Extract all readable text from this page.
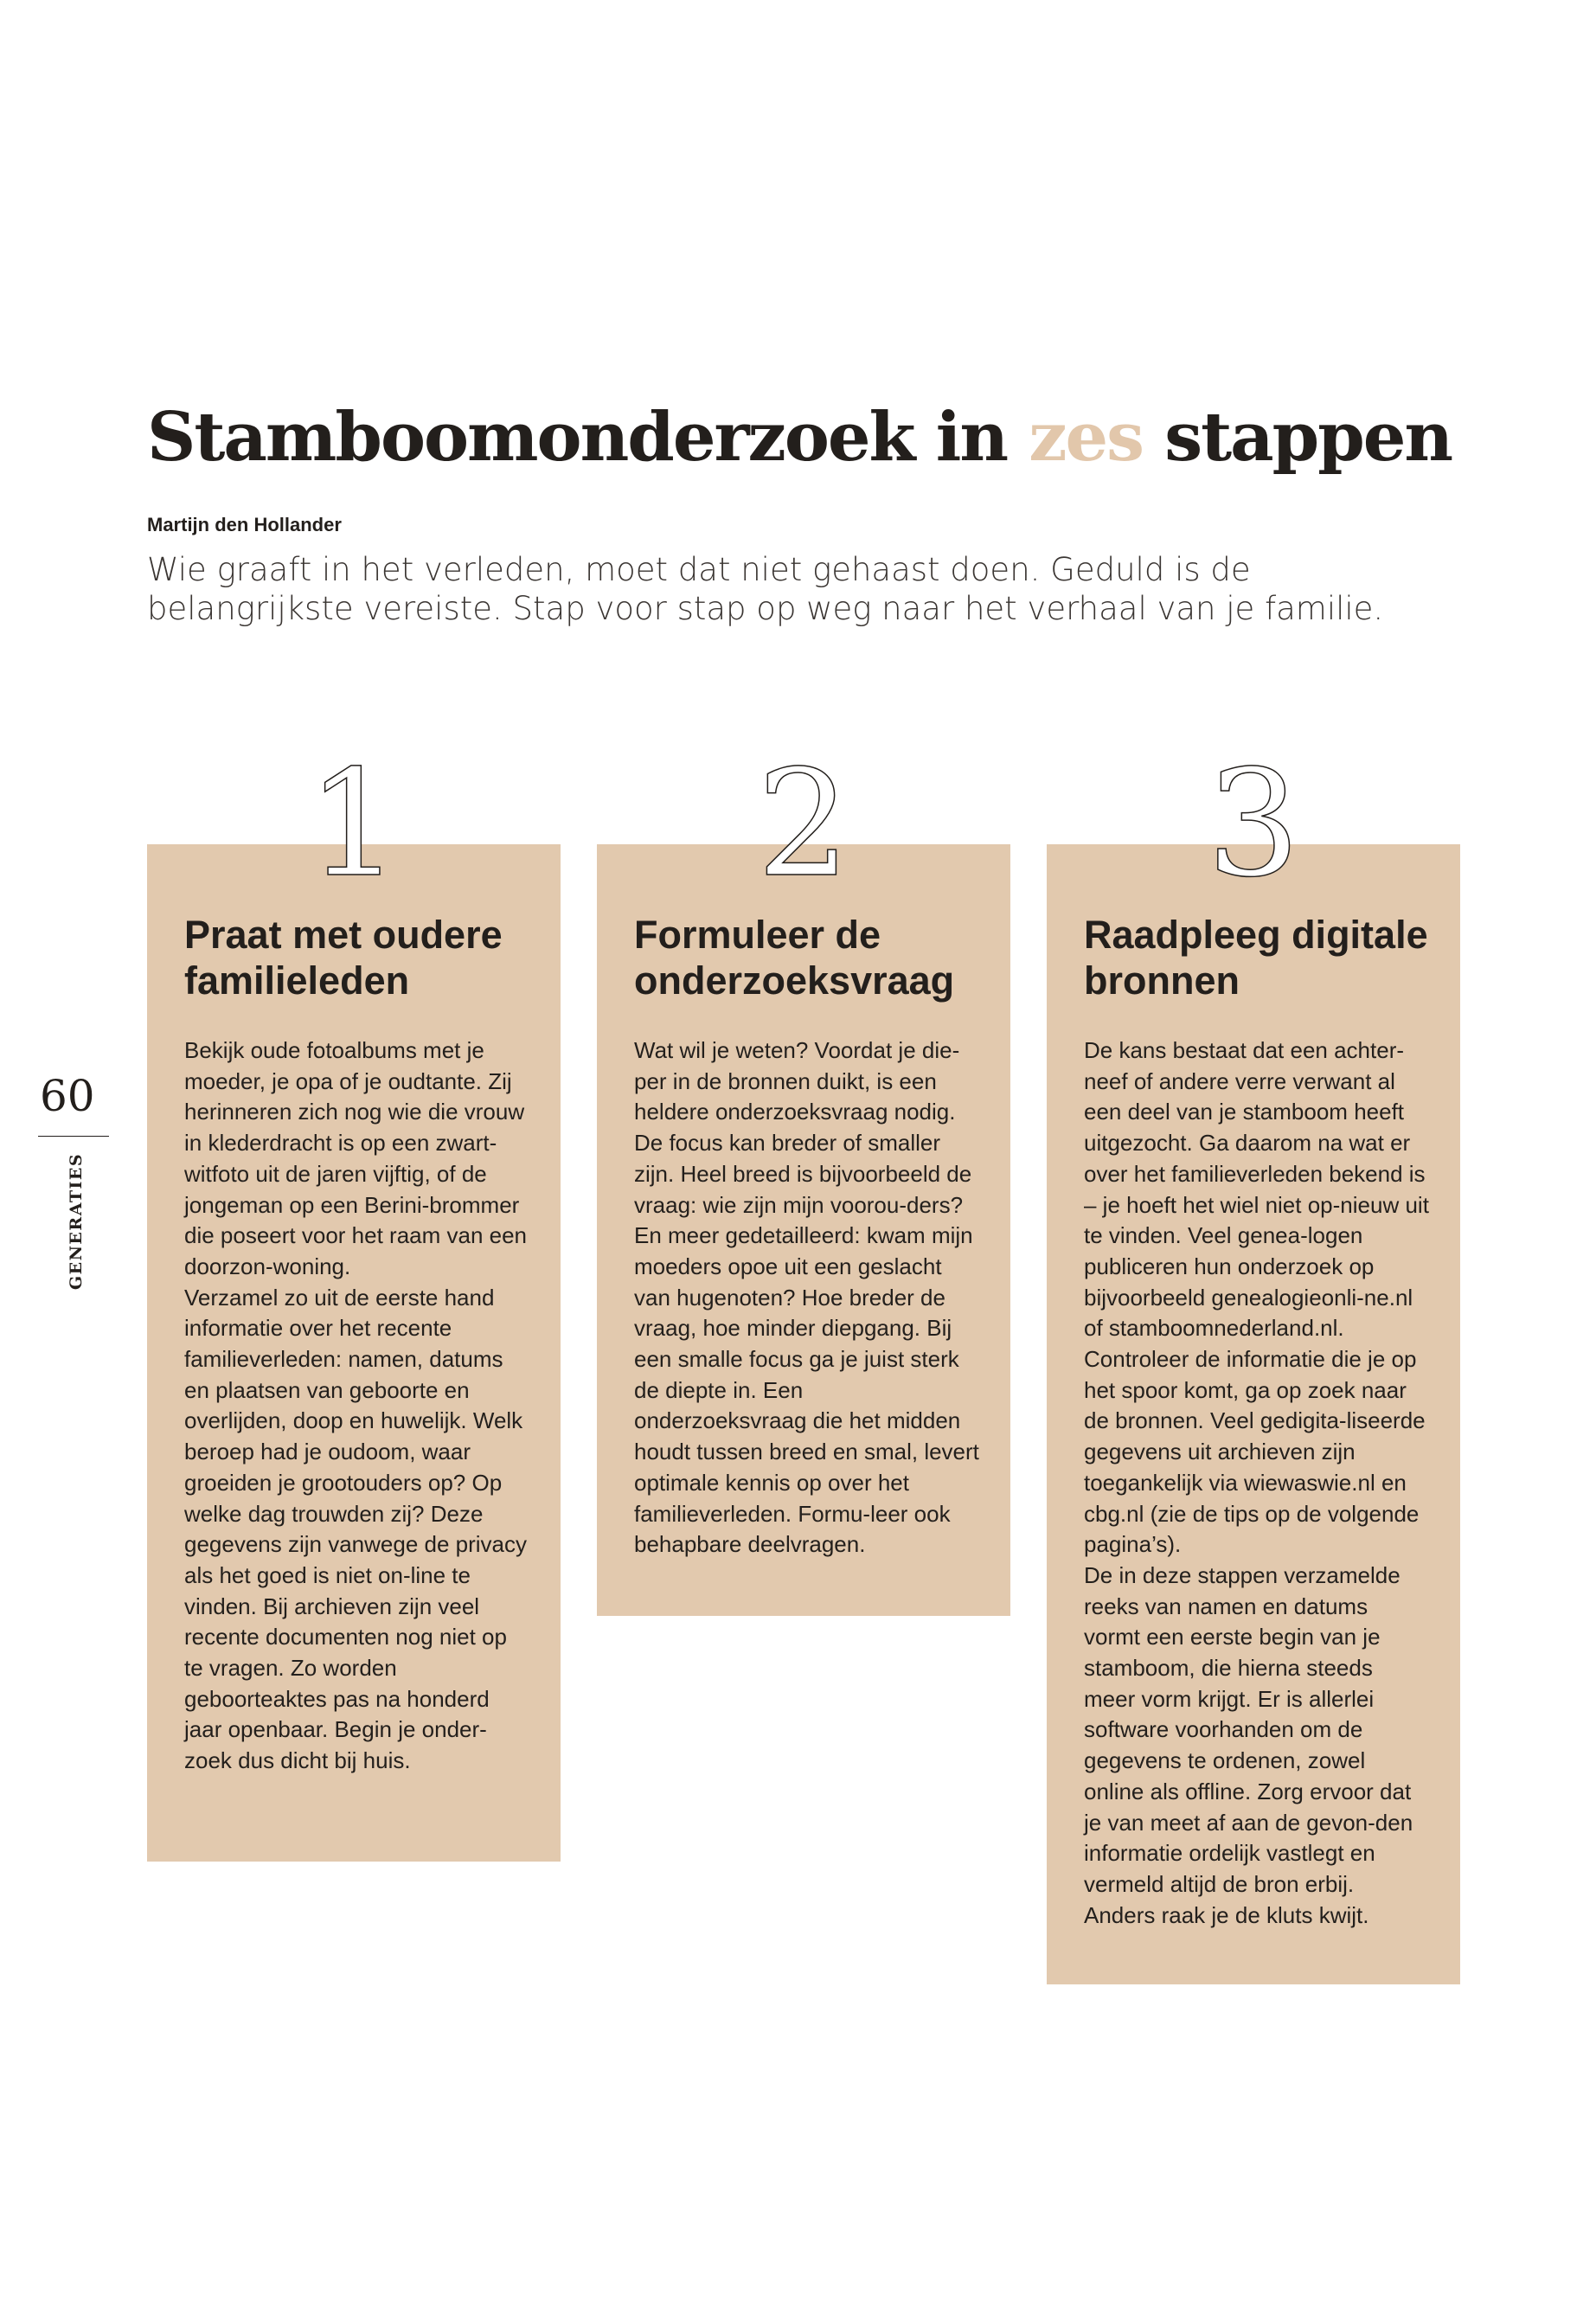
Stamboomonderzoek in zes stappen
Martijn den Hollander

Wie graaft in het verleden, moet dat niet gehaast doen. Geduld is de belangrijkste vereiste. Stap voor stap op weg naar het verhaal van je familie.

1
Praat met oudere familieleden

Bekijk oude fotoalbums met je moeder, je opa of je oudtante. Zij herinneren zich nog wie die vrouw in klederdracht is op een zwart-witfoto uit de jaren vijftig, of de jongeman op een Berini-brommer die poseert voor het raam van een doorzon-woning.
Verzamel zo uit de eerste hand informatie over het recente familieverleden: namen, datums en plaatsen van geboorte en overlijden, doop en huwelijk. Welk beroep had je oudoom, waar groeiden je grootouders op? Op welke dag trouwden zij? Deze gegevens zijn vanwege de privacy als het goed is niet on-line te vinden. Bij archieven zijn veel recente documenten nog niet op te vragen. Zo worden geboorteaktes pas na honderd jaar openbaar. Begin je onder-zoek dus dicht bij huis.

2
Formuleer de onderzoeksvraag

Wat wil je weten? Voordat je die-per in de bronnen duikt, is een heldere onderzoeksvraag nodig. De focus kan breder of smaller zijn. Heel breed is bijvoorbeeld de vraag: wie zijn mijn voorou-ders? En meer gedetailleerd: kwam mijn moeders opoe uit een geslacht van hugenoten? Hoe breder de vraag, hoe minder diepgang. Bij een smalle focus ga je juist sterk de diepte in. Een onderzoeksvraag die het midden houdt tussen breed en smal, levert optimale kennis op over het familieverleden. Formu-leer ook behapbare deelvragen.

3
Raadpleeg digitale bronnen

De kans bestaat dat een achter-neef of andere verre verwant al een deel van je stamboom heeft uitgezocht. Ga daarom na wat er over het familieverleden bekend is – je hoeft het wiel niet op-nieuw uit te vinden. Veel genea-logen publiceren hun onderzoek op bijvoorbeeld genealogieonli-ne.nl of stamboomnederland.nl. Controleer de informatie die je op het spoor komt, ga op zoek naar de bronnen. Veel gedigita-liseerde gegevens uit archieven zijn toegankelijk via wiewaswie.nl en cbg.nl (zie de tips op de volgende pagina’s).
De in deze stappen verzamelde reeks van namen en datums vormt een eerste begin van je stamboom, die hierna steeds meer vorm krijgt. Er is allerlei software voorhanden om de gegevens te ordenen, zowel online als offline. Zorg ervoor dat je van meet af aan de gevon-den informatie ordelijk vastlegt en vermeld altijd de bron erbij. Anders raak je de kluts kwijt.

60
GENERATIES
